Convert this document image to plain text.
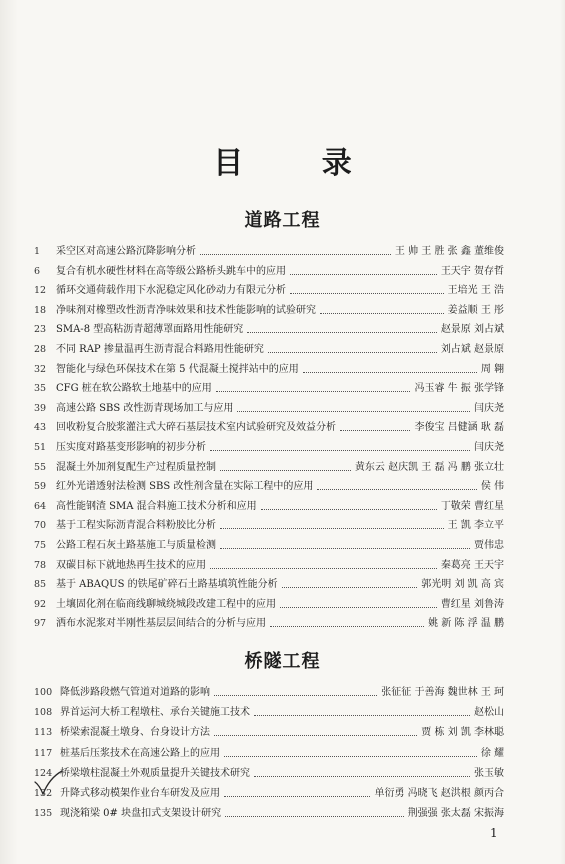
目 录
道路工程
1	采空区对高速公路沉降影响分析	王 帅 王 胜 张 鑫 董维俊
6	复合有机水硬性材料在高等级公路桥头跳车中的应用	王天宇 贺存哲
12 循环交通荷载作用下水泥稳定风化砂动力有限元分析	王培光 王 浩
18 净味剂对橡塑改性沥青净味效果和技术性能影响的试验研究	姜益顺 王 彤
23 SMA-8 型高粘沥青超薄罩面路用性能研究	赵景原 刘占斌
28 不同 RAP 掺量温再生沥青混合料路用性能研究	刘占斌 赵景原
32 智能化与绿色环保技术在第 5 代混凝土搅拌站中的应用	周 翱
35 CFG 桩在软公路软土地基中的应用	冯玉睿 牛 振 张学锋
39 高速公路 SBS 改性沥青现场加工与应用	闫庆尧
43 回收粉复合胶浆灌注式大碎石基层技术室内试验研究及效益分析	李俊宝 吕健涵 耿 磊
51 压实度对路基变形影响的初步分析	闫庆尧
55 混凝土外加剂复配生产过程质量控制	黄东云 赵庆凯 王 磊 冯 鹏 张立壮
59 红外光谱透射法检测 SBS 改性剂含量在实际工程中的应用	侯 伟
64 高性能钢渣 SMA 混合料施工技术分析和应用	丁敬荣 曹红星
70 基于工程实际沥青混合料粉胶比分析	王 凯 李立平
75 公路工程石灰土路基施工与质量检测	贾伟忠
78 双碳目标下就地热再生技术的应用	秦葛亮 王天宇
85 基于 ABAQUS 的铁尾矿碎石土路基填筑性能分析	郭光明 刘 凯 高 宾
92 土壤固化剂在临商线聊城绕城段改建工程中的应用	曹红星 刘鲁涛
97 洒布水泥浆对半刚性基层层间结合的分析与应用	姚 新 陈 浮 温 鹏
桥隧工程
100 降低涉路段燃气管道对道路的影响	张征征 于善海 魏世林 王 珂
108 界首运河大桥工程墩柱、承台关键施工技术	赵松山
113 桥梁索混凝土墩身、台身设计方法	贾 栋 刘 凯 李林聪
117 桩基后压浆技术在高速公路上的应用	徐 耀
124 桥梁墩柱混凝土外观质量提升关键技术研究	张玉敏
132 升降式移动模架作业台车研发及应用	单衍勇 冯晓飞 赵洪根 颜丙合
135 现浇箱梁 0# 块盘扣式支架设计研究	荆强强 张太磊 宋振海
1
